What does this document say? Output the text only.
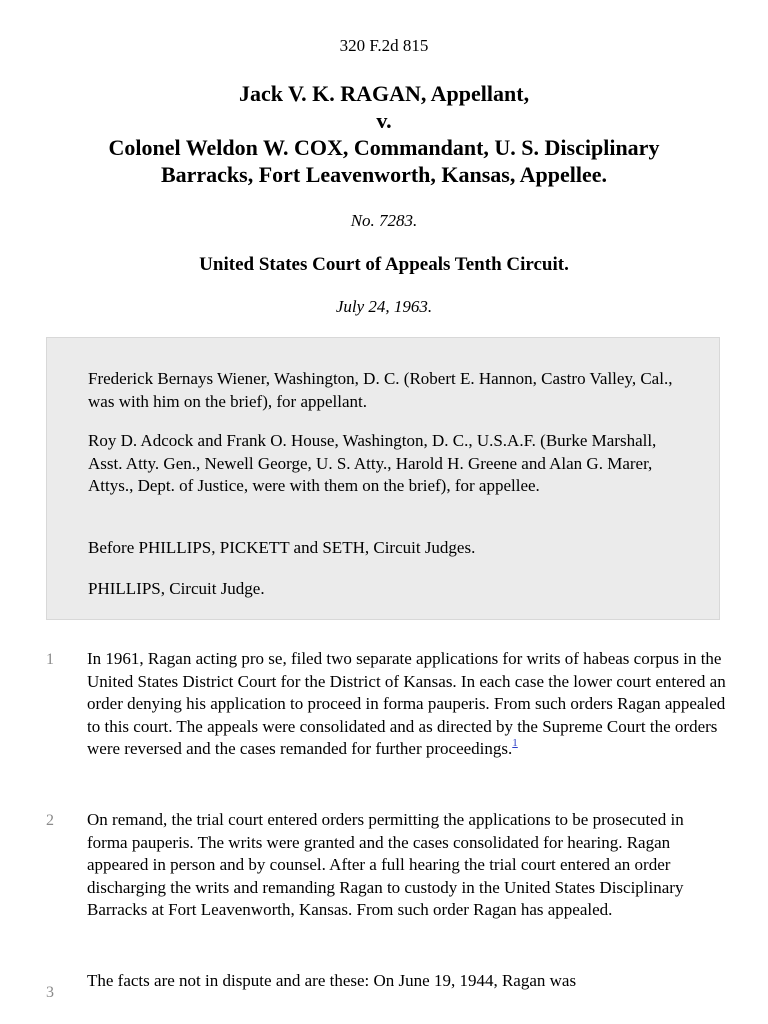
320 F.2d 815
Jack V. K. RAGAN, Appellant,
v.
Colonel Weldon W. COX, Commandant, U. S. Disciplinary
Barracks, Fort Leavenworth, Kansas, Appellee.
No. 7283.
United States Court of Appeals Tenth Circuit.
July 24, 1963.

Frederick Bernays Wiener, Washington, D. C. (Robert E. Hannon, Castro Valley, Cal., was with him on the brief), for appellant.

Roy D. Adcock and Frank O. House, Washington, D. C., U.S.A.F. (Burke Marshall, Asst. Atty. Gen., Newell George, U. S. Atty., Harold H. Greene and Alan G. Marer, Attys., Dept. of Justice, were with them on the brief), for appellee.

Before PHILLIPS, PICKETT and SETH, Circuit Judges.

PHILLIPS, Circuit Judge.

1 In 1961, Ragan acting pro se, filed two separate applications for writs of habeas corpus in the United States District Court for the District of Kansas. In each case the lower court entered an order denying his application to proceed in forma pauperis. From such orders Ragan appealed to this court. The appeals were consolidated and as directed by the Supreme Court the orders were reversed and the cases remanded for further proceedings.$^1$

2 On remand, the trial court entered orders permitting the applications to be prosecuted in forma pauperis. The writs were granted and the cases consolidated for hearing. Ragan appeared in person and by counsel. After a full hearing the trial court entered an order discharging the writs and remanding Ragan to custody in the United States Disciplinary Barracks at Fort Leavenworth, Kansas. From such order Ragan has appealed.

3

The facts are not in dispute and are these: On June 19, 1944, Ragan was
